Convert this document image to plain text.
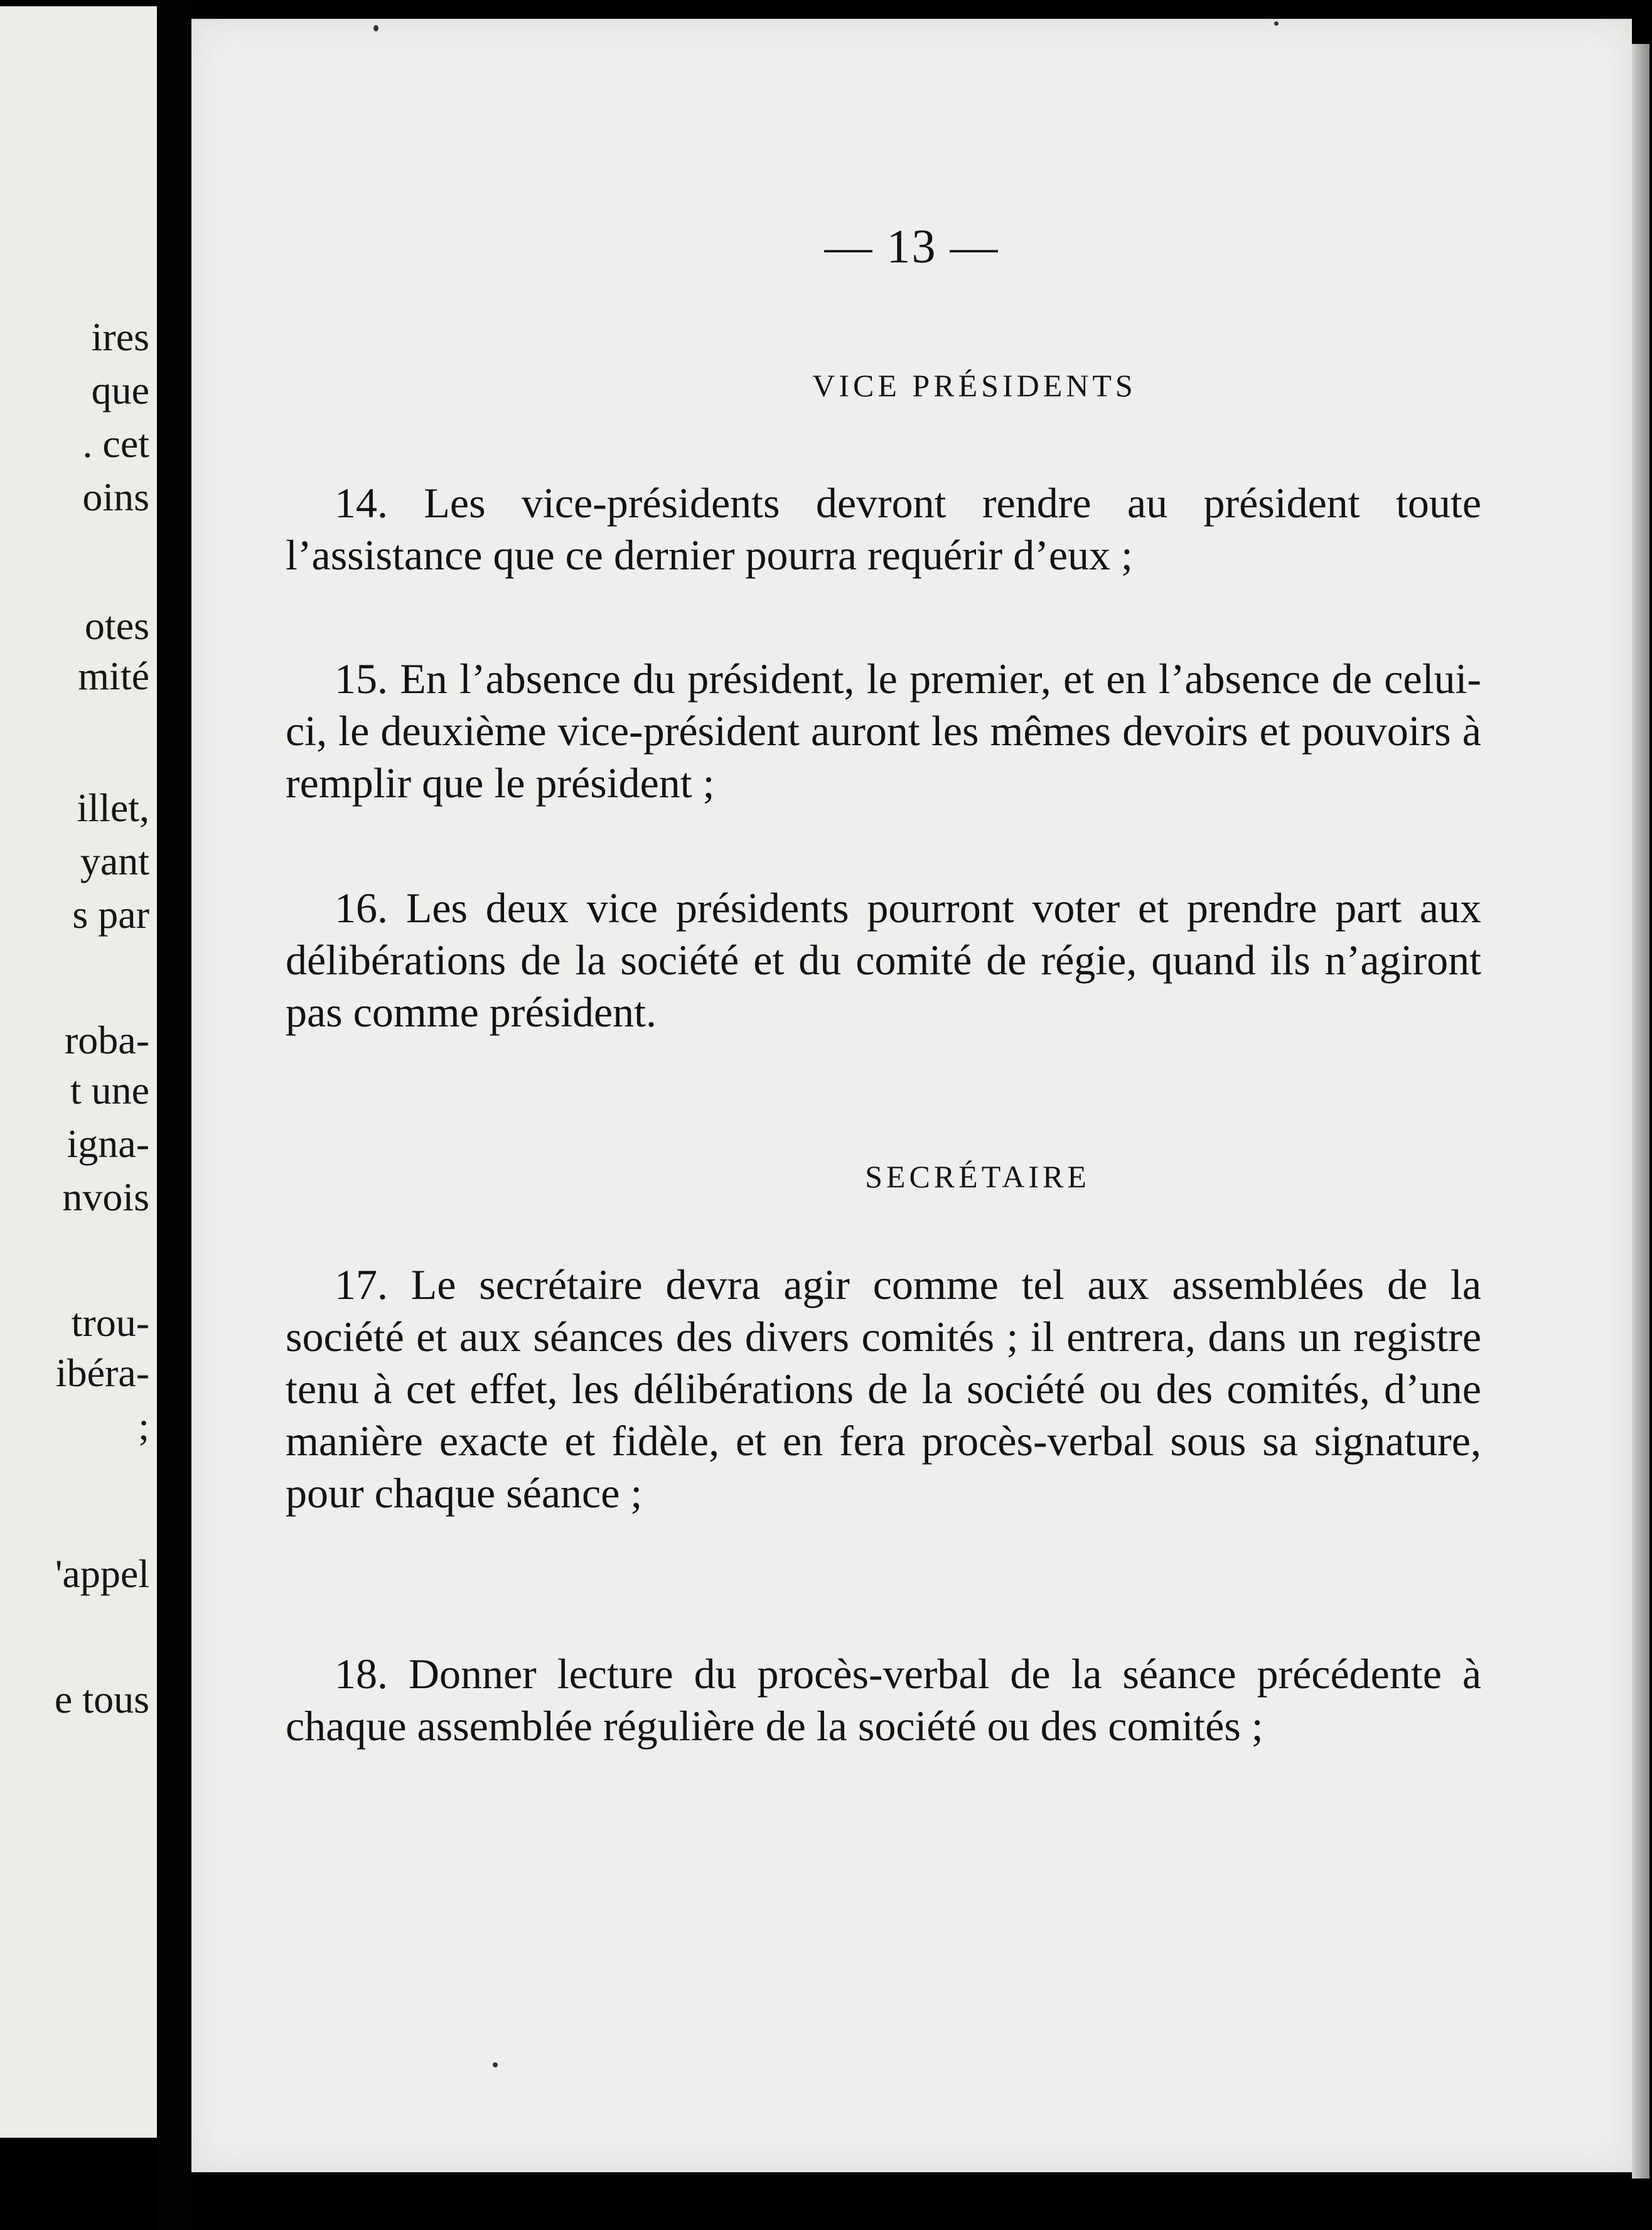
ires
que
. cet
oins
otes
mité
illet,
yant
s par
roba-
t une
igna-
nvois
trou-
ibéra-
;
'appel
e tous
— 13 —
VICE PRÉSIDENTS

14. Les vice-présidents devront rendre au président toute l’assistance que ce dernier pourra requérir d’eux ;

15. En l’absence du président, le premier, et en l’absence de celui-ci, le deuxième vice-président auront les mêmes devoirs et pouvoirs à remplir que le président ;

16. Les deux vice présidents pourront voter et prendre part aux délibérations de la société et du comité de régie, quand ils n’agiront pas comme président.

SECRÉTAIRE

17. Le secrétaire devra agir comme tel aux assemblées de la société et aux séances des divers comités ; il entrera, dans un registre tenu à cet effet, les délibérations de la société ou des comités, d’une manière exacte et fidèle, et en fera procès-verbal sous sa signature, pour chaque séance ;

18. Donner lecture du procès-verbal de la séance précédente à chaque assemblée régulière de la société ou des comités ;
